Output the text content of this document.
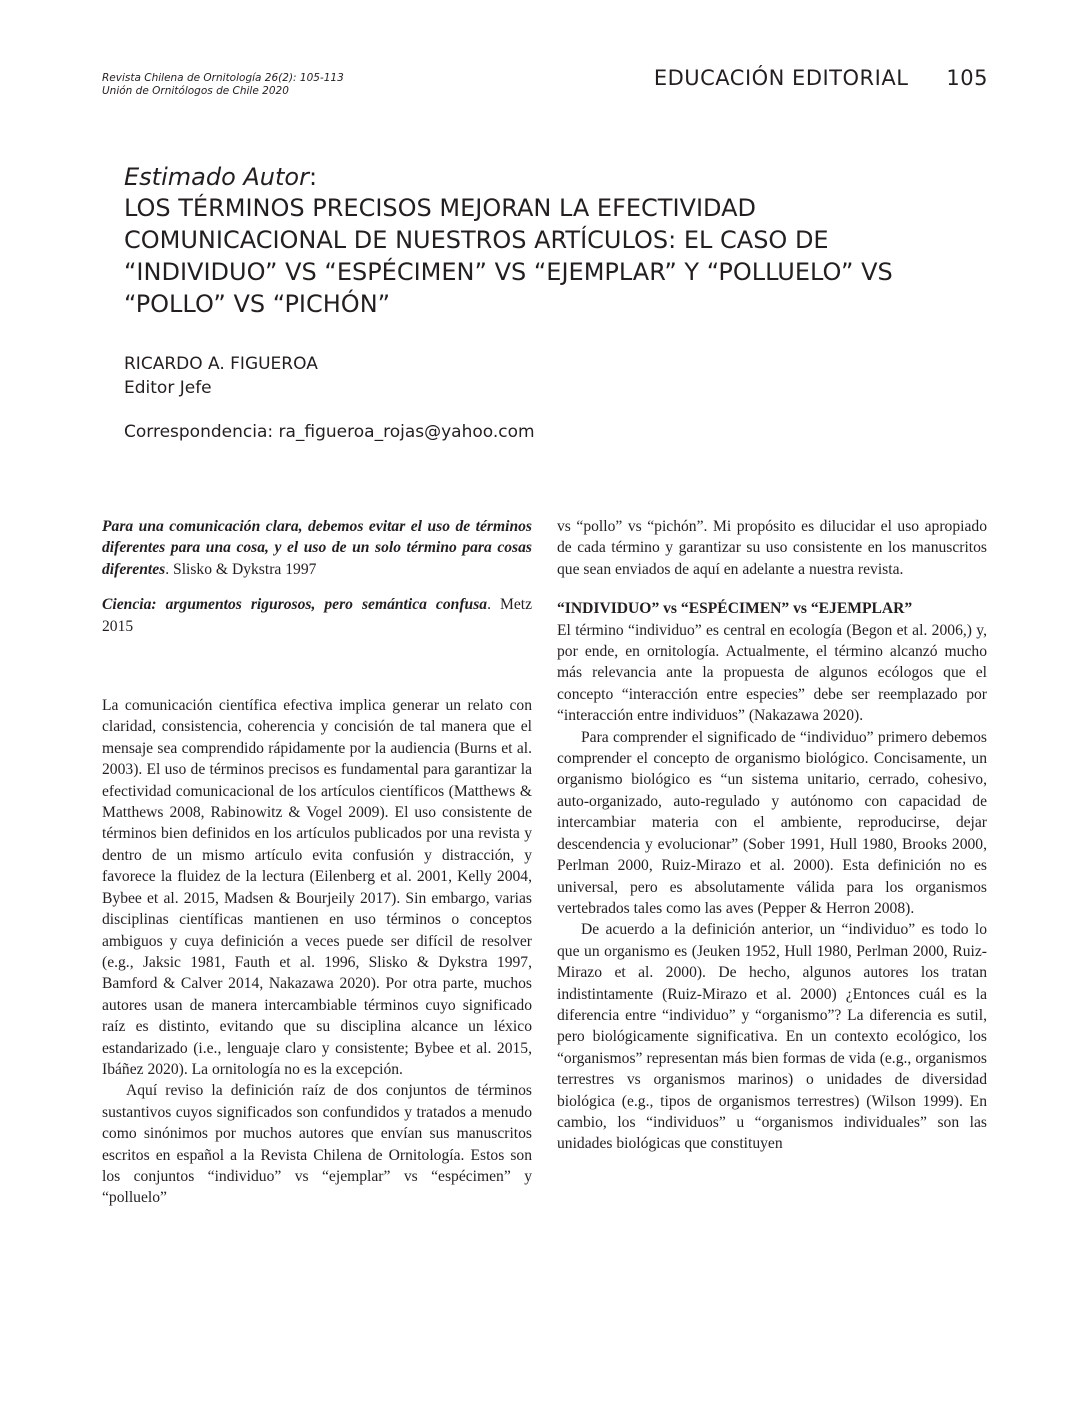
Revista Chilena de Ornitología 26(2): 105-113
Unión de Ornitólogos de Chile 2020
EDUCACIÓN EDITORIAL 105
Estimado Autor:
LOS TÉRMINOS PRECISOS MEJORAN LA EFECTIVIDAD COMUNICACIONAL DE NUESTROS ARTÍCULOS: EL CASO DE “INDIVIDUO” VS “ESPÉCIMEN” VS “EJEMPLAR” Y “POLLUELO” VS “POLLO” VS “PICHÓN”
RICARDO A. FIGUEROA
Editor Jefe
Correspondencia: ra_figueroa_rojas@yahoo.com

Para una comunicación clara, debemos evitar el uso de términos diferentes para una cosa, y el uso de un solo término para cosas diferentes. Slisko & Dykstra 1997

Ciencia: argumentos rigurosos, pero semántica confusa. Metz 2015

La comunicación científica efectiva implica generar un relato con claridad, consistencia, coherencia y concisión de tal manera que el mensaje sea comprendido rápidamente por la audiencia (Burns et al. 2003). El uso de términos precisos es fundamental para garantizar la efectividad comunicacional de los artículos científicos (Matthews & Matthews 2008, Rabinowitz & Vogel 2009). El uso consistente de términos bien definidos en los artículos publicados por una revista y dentro de un mismo artículo evita confusión y distracción, y favorece la fluidez de la lectura (Eilenberg et al. 2001, Kelly 2004, Bybee et al. 2015, Madsen & Bourjeily 2017). Sin embargo, varias disciplinas científicas mantienen en uso términos o conceptos ambiguos y cuya definición a veces puede ser difícil de resolver (e.g., Jaksic 1981, Fauth et al. 1996, Slisko & Dykstra 1997, Bamford & Calver 2014, Nakazawa 2020). Por otra parte, muchos autores usan de manera intercambiable términos cuyo significado raíz es distinto, evitando que su disciplina alcance un léxico estandarizado (i.e., lenguaje claro y consistente; Bybee et al. 2015, Ibáñez 2020). La ornitología no es la excepción.

Aquí reviso la definición raíz de dos conjuntos de términos sustantivos cuyos significados son confundidos y tratados a menudo como sinónimos por muchos autores que envían sus manuscritos escritos en español a la Revista Chilena de Ornitología. Estos son los conjuntos “individuo” vs “ejemplar” vs “espécimen” y “polluelo”

vs “pollo” vs “pichón”. Mi propósito es dilucidar el uso apropiado de cada término y garantizar su uso consistente en los manuscritos que sean enviados de aquí en adelante a nuestra revista.

“INDIVIDUO” vs “ESPÉCIMEN” vs “EJEMPLAR”

El término “individuo” es central en ecología (Begon et al. 2006,) y, por ende, en ornitología. Actualmente, el término alcanzó mucho más relevancia ante la propuesta de algunos ecólogos que el concepto “interacción entre especies” debe ser reemplazado por “interacción entre individuos” (Nakazawa 2020).

Para comprender el significado de “individuo” primero debemos comprender el concepto de organismo biológico. Concisamente, un organismo biológico es “un sistema unitario, cerrado, cohesivo, auto-organizado, auto-regulado y autónomo con capacidad de intercambiar materia con el ambiente, reproducirse, dejar descendencia y evolucionar” (Sober 1991, Hull 1980, Brooks 2000, Perlman 2000, Ruiz-Mirazo et al. 2000). Esta definición no es universal, pero es absolutamente válida para los organismos vertebrados tales como las aves (Pepper & Herron 2008).

De acuerdo a la definición anterior, un “individuo” es todo lo que un organismo es (Jeuken 1952, Hull 1980, Perlman 2000, Ruiz-Mirazo et al. 2000). De hecho, algunos autores los tratan indistintamente (Ruiz-Mirazo et al. 2000) ¿Entonces cuál es la diferencia entre “individuo” y “organismo”? La diferencia es sutil, pero biológicamente significativa. En un contexto ecológico, los “organismos” representan más bien formas de vida (e.g., organismos terrestres vs organismos marinos) o unidades de diversidad biológica (e.g., tipos de organismos terrestres) (Wilson 1999). En cambio, los “individuos” u “organismos individuales” son las unidades biológicas que constituyen
